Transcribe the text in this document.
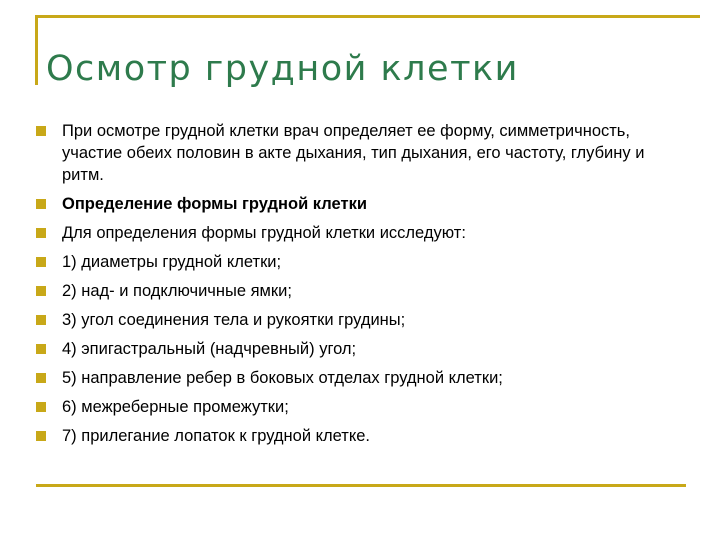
Осмотр грудной клетки
При осмотре грудной клетки врач определяет ее форму, симметричность, участие обеих половин в акте дыхания, тип дыхания, его частоту, глубину и ритм.
Определение формы грудной клетки
Для определения формы грудной клетки исследуют:
1) диаметры грудной клетки;
2) над- и подключичные ямки;
3) угол соединения тела и рукоятки грудины;
4) эпигастральный (надчревный) угол;
5) направление ребер в боковых отделах грудной клетки;
6) межреберные промежутки;
7) прилегание лопаток к грудной клетке.
